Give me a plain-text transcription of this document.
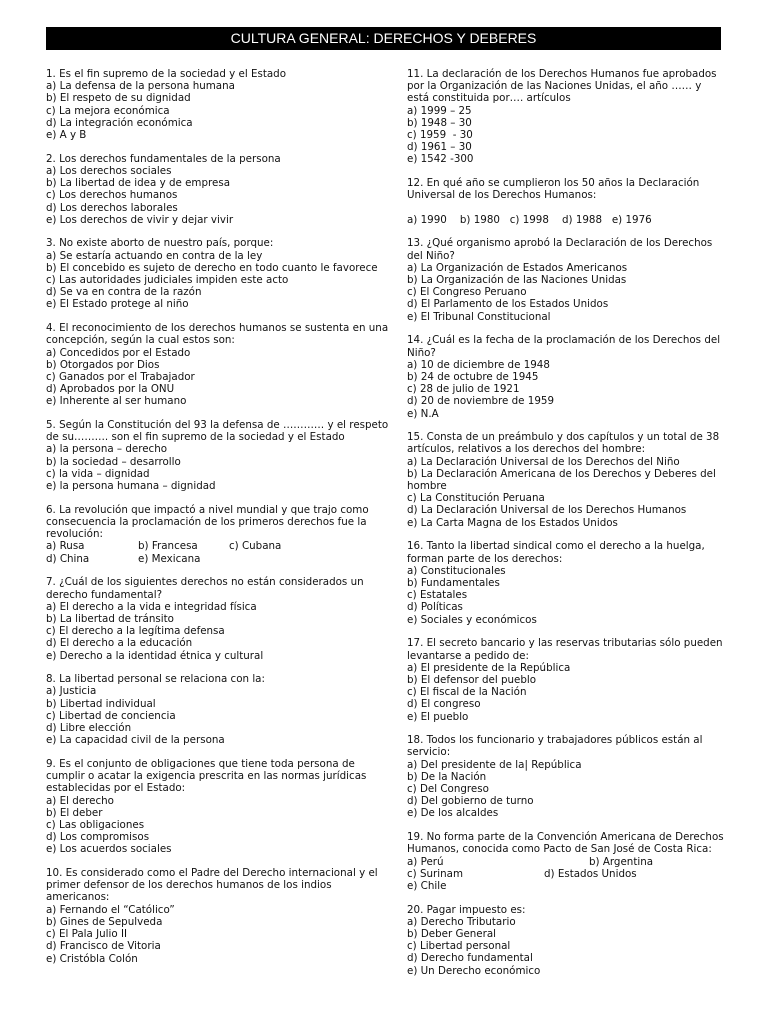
CULTURA GENERAL: DERECHOS Y DEBERES

1. Es el fin supremo de la sociedad y el Estado

a) La defensa de la persona humana

b) El respeto de su dignidad

c) La mejora económica

d) La integración económica

e) A y B

2. Los derechos fundamentales de la persona

a) Los derechos sociales

b) La libertad de idea y de empresa

c) Los derechos humanos

d) Los derechos laborales

e) Los derechos de vivir y dejar vivir

3. No existe aborto de nuestro país, porque:

a) Se estaría actuando en contra de la ley

b) El concebido es sujeto de derecho en todo cuanto le favorece

c) Las autoridades judiciales impiden este acto

d) Se va en contra de la razón

e) El Estado protege al niño

4. El reconocimiento de los derechos humanos se sustenta en una concepción, según la cual estos son:

a) Concedidos por el Estado

b) Otorgados por Dios

c) Ganados por el Trabajador

d) Aprobados por la ONU

e) Inherente al ser humano

5. Según la Constitución del 93 la defensa de ………… y el respeto de su………. son el fin supremo de la sociedad y el Estado

a) la persona – derecho

b) la sociedad – desarrollo

c) la vida – dignidad

e) la persona humana – dignidad

6. La revolución que impactó a nivel mundial y que trajo como consecuencia la proclamación de los primeros derechos fue la revolución:

a) Rusa	b) Francesa	c) Cubana

d) China	e) Mexicana

7. ¿Cuál de los siguientes derechos no están considerados un derecho fundamental?

a) El derecho a la vida e integridad física

b) La libertad de tránsito

c) El derecho a la legítima defensa

d) El derecho a la educación

e) Derecho a la identidad étnica y cultural

8. La libertad personal se relaciona con la:

a) Justicia

b) Libertad individual

c) Libertad de conciencia

d) Libre elección

e) La capacidad civil de la persona

9. Es el conjunto de obligaciones que tiene toda persona de cumplir o acatar la exigencia prescrita en las normas jurídicas establecidas por el Estado:

a) El derecho

b) El deber

c) Las obligaciones

d) Los compromisos

e) Los acuerdos sociales

10. Es considerado como el Padre del Derecho internacional y el primer defensor de los derechos humanos de los indios americanos:

a) Fernando el “Católico”

b) Gines de Sepulveda

c) El Pala Julio II

d) Francisco de Vitoria

e) Cristóbla Colón

11. La declaración de los Derechos Humanos fue aprobados por la Organización de las Naciones Unidas, el año …… y está constituida por…. artículos

a) 1999 – 25

b) 1948 – 30

c) 1959  - 30

d) 1961 – 30

e) 1542 -300

12. En qué año se cumplieron los 50 años la Declaración Universal de los Derechos Humanos:

a) 1990    b) 1980   c) 1998    d) 1988   e) 1976

13. ¿Qué organismo aprobó la Declaración de los Derechos del Niño?

a) La Organización de Estados Americanos

b) La Organización de las Naciones Unidas

c) El Congreso Peruano

d) El Parlamento de los Estados Unidos

e) El Tribunal Constitucional

14. ¿Cuál es la fecha de la proclamación de los Derechos del Niño?

a) 10 de diciembre de 1948

b) 24 de octubre de 1945

c) 28 de julio de 1921

d) 20 de noviembre de 1959

e) N.A

15. Consta de un preámbulo y dos capítulos y un total de 38 artículos, relativos a los derechos del hombre:

a) La Declaración Universal de los Derechos del Niño

b) La Declaración Americana de los Derechos y Deberes del hombre

c) La Constitución Peruana

d) La Declaración Universal de los Derechos Humanos

e) La Carta Magna de los Estados Unidos

16. Tanto la libertad sindical como el derecho a la huelga, forman parte de los derechos:

a) Constitucionales

b) Fundamentales

c) Estatales

d) Políticas

e) Sociales y económicos

17. El secreto bancario y las reservas tributarias sólo pueden levantarse a pedido de:

a) El presidente de la República

b) El defensor del pueblo

c) El fiscal de la Nación

d) El congreso

e) El pueblo

18. Todos los funcionario y trabajadores públicos están al servicio:

a) Del presidente de la| República

b) De la Nación

c) Del Congreso

d) Del gobierno de turno

e) De los alcaldes

19. No forma parte de la Convención Americana de Derechos Humanos, conocida como Pacto de San José de Costa Rica:

a) Perú	b) Argentina

c) Surinam	d) Estados Unidos

e) Chile

20. Pagar impuesto es:

a) Derecho Tributario

b) Deber General

c) Libertad personal

d) Derecho fundamental

e) Un Derecho económico
